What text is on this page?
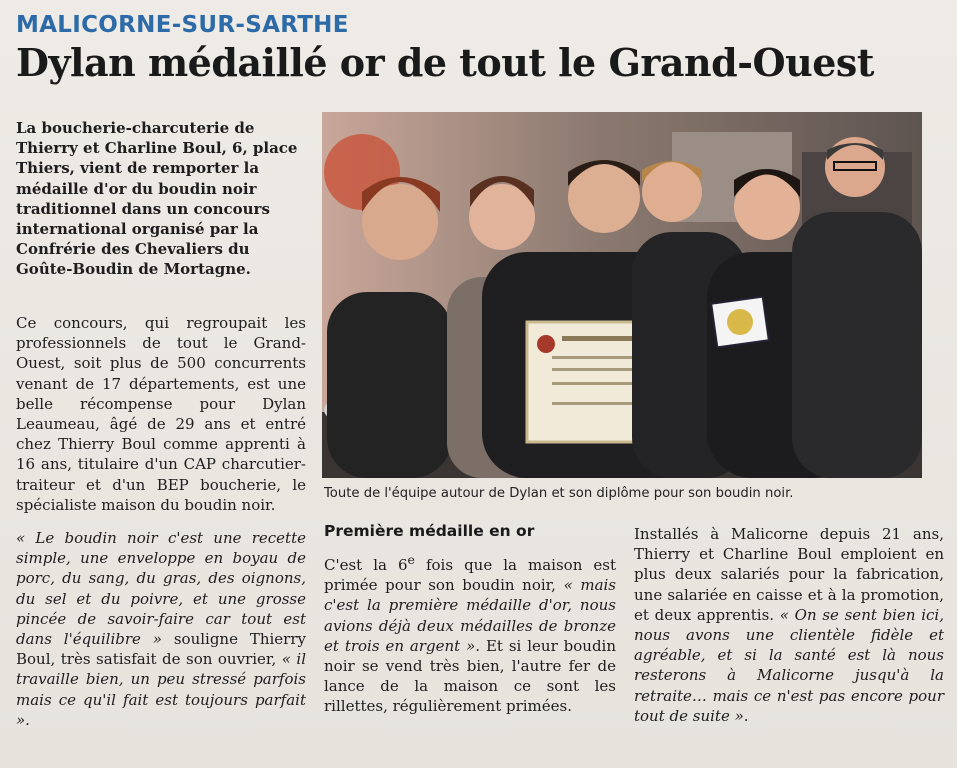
MALICORNE-SUR-SARTHE
Dylan médaillé or de tout le Grand-Ouest

La boucherie-charcuterie de Thierry et Charline Boul, 6, place Thiers, vient de remporter la médaille d'or du boudin noir traditionnel dans un concours international organisé par la Confrérie des Chevaliers du Goûte-Boudin de Mortagne.

Ce concours, qui regroupait les professionnels de tout le Grand-Ouest, soit plus de 500 concurrents venant de 17 départements, est une belle récompense pour Dylan Leaumeau, âgé de 29 ans et entré chez Thierry Boul comme apprenti à 16 ans, titulaire d'un CAP charcutier-traiteur et d'un BEP boucherie, le spécialiste maison du boudin noir.

« Le boudin noir c'est une recette simple, une enveloppe en boyau de porc, du sang, du gras, des oignons, du sel et du poivre, et une grosse pincée de savoir-faire car tout est dans l'équilibre » souligne Thierry Boul, très satisfait de son ouvrier, « il travaille bien, un peu stressé parfois mais ce qu'il fait est toujours parfait ».

Toute de l'équipe autour de Dylan et son diplôme pour son boudin noir.
Première médaille en or

C'est la 6e fois que la maison est primée pour son boudin noir, « mais c'est la première médaille d'or, nous avions déjà deux médailles de bronze et trois en argent ». Et si leur boudin noir se vend très bien, l'autre fer de lance de la maison ce sont les rillettes, régulièrement primées.

Installés à Malicorne depuis 21 ans, Thierry et Charline Boul emploient en plus deux salariés pour la fabrication, une salariée en caisse et à la promotion, et deux apprentis. « On se sent bien ici, nous avons une clientèle fidèle et agréable, et si la santé est là nous resterons à Malicorne jusqu'à la retraite… mais ce n'est pas encore pour tout de suite ».
